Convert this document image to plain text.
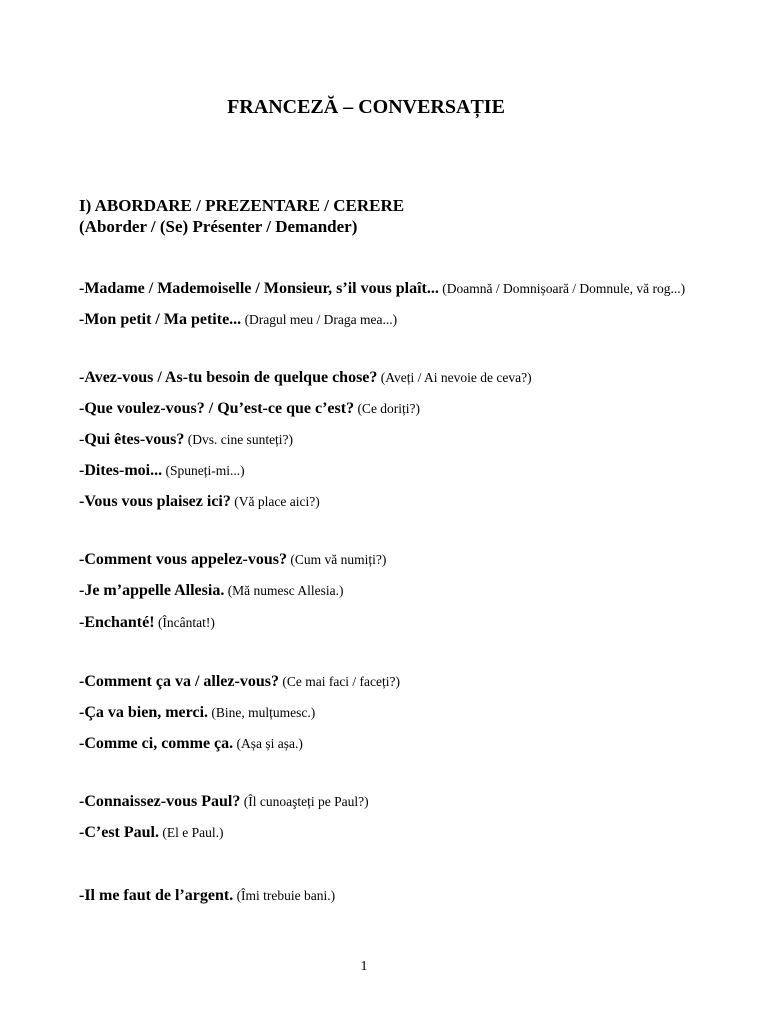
FRANCEZĂ – CONVERSAȚIE
I) ABORDARE / PREZENTARE / CERERE
(Aborder / (Se) Présenter / Demander)
-Madame / Mademoiselle / Monsieur, s’il vous plaît... (Doamnă / Domnișoară / Domnule, vă rog...)
-Mon petit / Ma petite... (Dragul meu / Draga mea...)
-Avez-vous / As-tu besoin de quelque chose? (Aveți / Ai nevoie de ceva?)
-Que voulez-vous? / Qu’est-ce que c’est? (Ce doriți?)
-Qui êtes-vous? (Dvs. cine sunteți?)
-Dites-moi... (Spuneți-mi...)
-Vous vous plaisez ici? (Vă place aici?)
-Comment vous appelez-vous? (Cum vă numiți?)
-Je m’appelle Allesia. (Mă numesc Allesia.)
-Enchanté! (Încântat!)
-Comment ça va / allez-vous? (Ce mai faci / faceți?)
-Ça va bien, merci. (Bine, mulțumesc.)
-Comme ci, comme ça. (Așa și așa.)
-Connaissez-vous Paul? (Îl cunoaşteți pe Paul?)
-C’est Paul. (El e Paul.)
-Il me faut de l’argent. (Îmi trebuie bani.)
1
